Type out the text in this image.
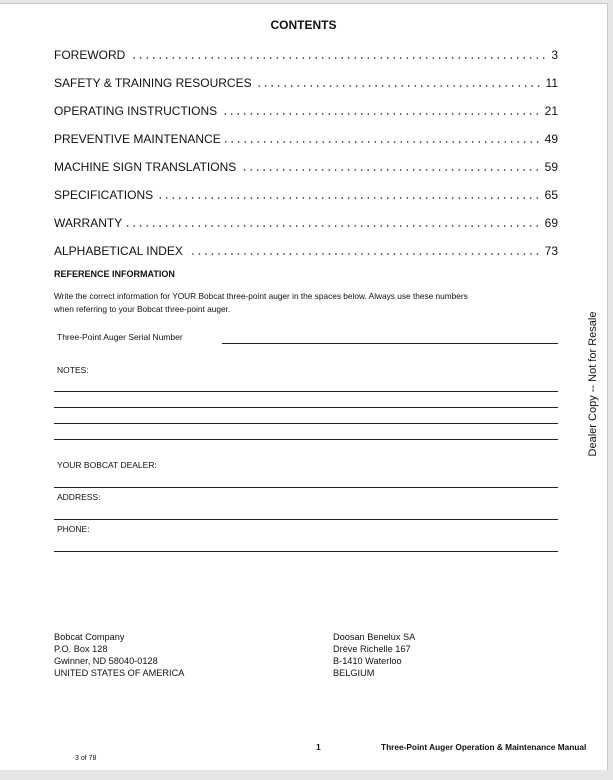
CONTENTS
FOREWORD	3
SAFETY & TRAINING RESOURCES	11
OPERATING INSTRUCTIONS	21
PREVENTIVE MAINTENANCE	49
MACHINE SIGN TRANSLATIONS	59
SPECIFICATIONS	65
WARRANTY	69
ALPHABETICAL INDEX	73
REFERENCE INFORMATION
Write the correct information for YOUR Bobcat three-point auger in the spaces below. Always use these numbers
when referring to your Bobcat three-point auger.
Three-Point Auger Serial Number
NOTES:
YOUR BOBCAT DEALER:
ADDRESS:
PHONE:
Bobcat Company
P.O. Box 128
Gwinner, ND 58040-0128
UNITED STATES OF AMERICA
Doosan Benelux SA
Drève Richelle 167
B-1410 Waterloo
BELGIUM
1	Three-Point Auger Operation & Maintenance Manual
3 of 78
Dealer Copy -- Not for Resale
